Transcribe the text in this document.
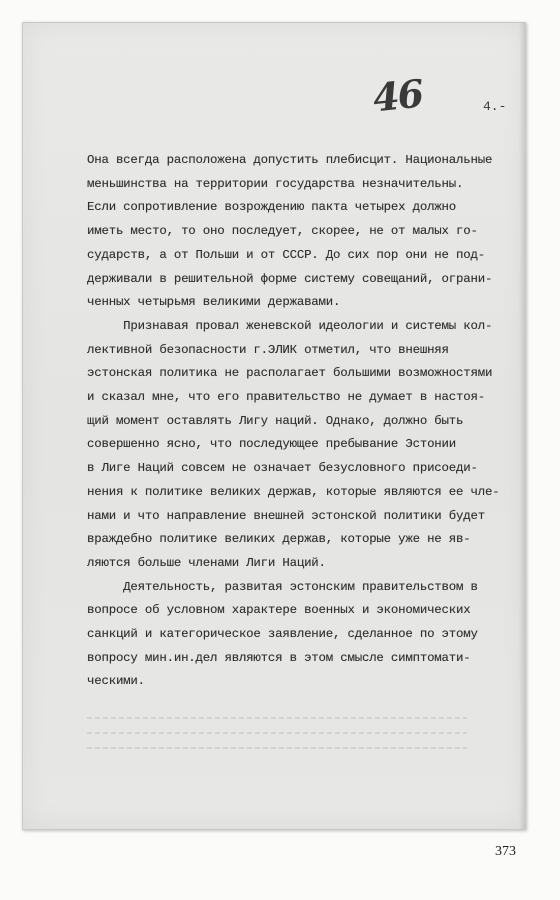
46	4.-
Она всегда расположена допустить плебисцит. Национальные
меньшинства на территории государства незначительны.
Если сопротивление возрождению пакта четырех должно
иметь место, то оно последует, скорее, не от малых го-
сударств, а от Польши и от СССР. До сих пор они не под-
держивали в решительной форме систему совещаний, ограни-
ченных четырьмя великими державами.
Признавая провал женевской идеологии и системы кол-
лективной безопасности г.ЭЛИК отметил, что внешняя
эстонская политика не располагает большими возможностями
и сказал мне, что его правительство не думает в настоя-
щий момент оставлять Лигу наций. Однако, должно быть
совершенно ясно, что последующее пребывание Эстонии
в Лиге Наций совсем не означает безусловного присоеди-
нения к политике великих держав, которые являются ее чле-
нами и что направление внешней эстонской политики будет
враждебно политике великих держав, которые уже не яв-
ляются больше членами Лиги Наций.
Деятельность, развитая эстонским правительством в
вопросе об условном характере военных и экономических
санкций и категорическое заявление, сделанное по этому
вопросу мин.ин.дел являются в этом смысле симптомати-
ческими.
373
